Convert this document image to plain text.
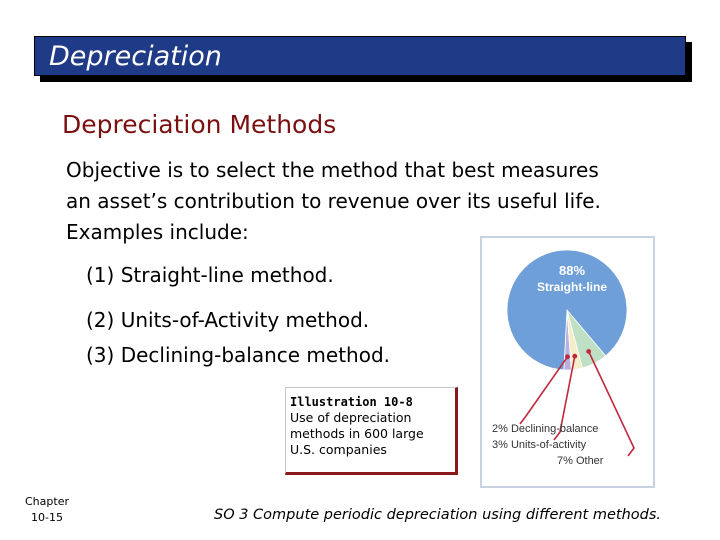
Depreciation
Depreciation Methods
Objective is to select the method that best measures
an asset’s contribution to revenue over its useful life.
Examples include:
(1) Straight-line method.
(2) Units-of-Activity method.
(3) Declining-balance method.
Illustration 10-8
Use of depreciation
methods in 600 large
U.S. companies
88%
Straight-line
2% Declining-balance
3% Units-of-activity
7% Other
Chapter
10-15	SO 3 Compute periodic depreciation using different methods.
